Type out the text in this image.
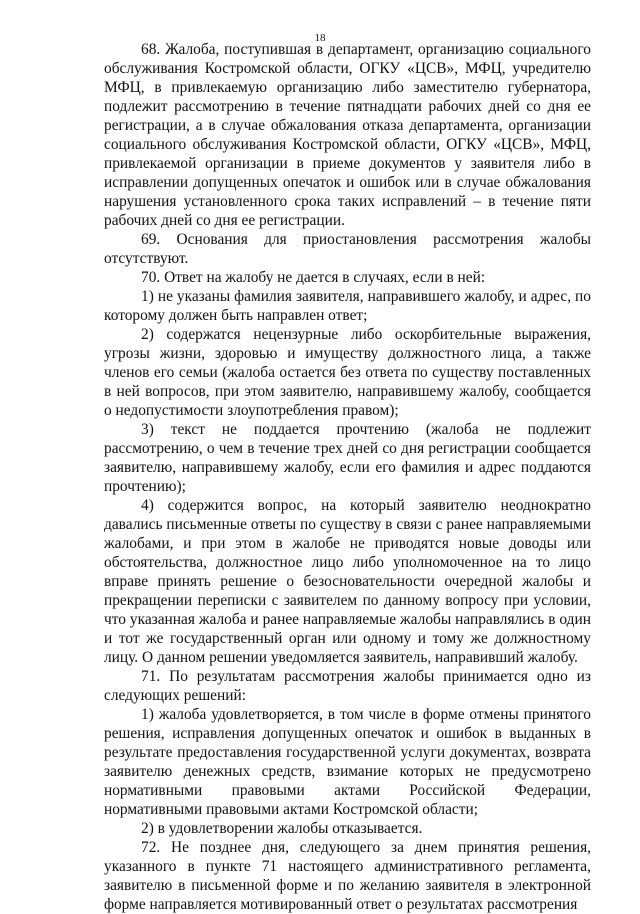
18

68. Жалоба, поступившая в департамент, организацию социального обслуживания Костромской области, ОГКУ «ЦСВ», МФЦ, учредителю МФЦ, в привлекаемую организацию либо заместителю губернатора, подлежит рассмотрению в течение пятнадцати рабочих дней со дня ее регистрации, а в случае обжалования отказа департамента, организации социального обслуживания Костромской области, ОГКУ «ЦСВ», МФЦ, привлекаемой организации в приеме документов у заявителя либо в исправлении допущенных опечаток и ошибок или в случае обжалования нарушения установленного срока таких исправлений – в течение пяти рабочих дней со дня ее регистрации.

69. Основания для приостановления рассмотрения жалобы отсутствуют.

70. Ответ на жалобу не дается в случаях, если в ней:

1) не указаны фамилия заявителя, направившего жалобу, и адрес, по которому должен быть направлен ответ;

2) содержатся нецензурные либо оскорбительные выражения, угрозы жизни, здоровью и имуществу должностного лица, а также членов его семьи (жалоба остается без ответа по существу поставленных в ней вопросов, при этом заявителю, направившему жалобу, сообщается о недопустимости злоупотребления правом);

3) текст не поддается прочтению (жалоба не подлежит рассмотрению, о чем в течение трех дней со дня регистрации сообщается заявителю, направившему жалобу, если его фамилия и адрес поддаются прочтению);

4) содержится вопрос, на который заявителю неоднократно давались письменные ответы по существу в связи с ранее направляемыми жалобами, и при этом в жалобе не приводятся новые доводы или обстоятельства, должностное лицо либо уполномоченное на то лицо вправе принять решение о безосновательности очередной жалобы и прекращении переписки с заявителем по данному вопросу при условии, что указанная жалоба и ранее направляемые жалобы направлялись в один и тот же государственный орган или одному и тому же должностному лицу. О данном решении уведомляется заявитель, направивший жалобу.

71. По результатам рассмотрения жалобы принимается одно из следующих решений:

1) жалоба удовлетворяется, в том числе в форме отмены принятого решения, исправления допущенных опечаток и ошибок в выданных в результате предоставления государственной услуги документах, возврата заявителю денежных средств, взимание которых не предусмотрено нормативными правовыми актами Российской Федерации, нормативными правовыми актами Костромской области;

2) в удовлетворении жалобы отказывается.

72. Не позднее дня, следующего за днем принятия решения, указанного в пункте 71 настоящего административного регламента, заявителю в письменной форме и по желанию заявителя в электронной форме направляется мотивированный ответ о результатах рассмотрения
